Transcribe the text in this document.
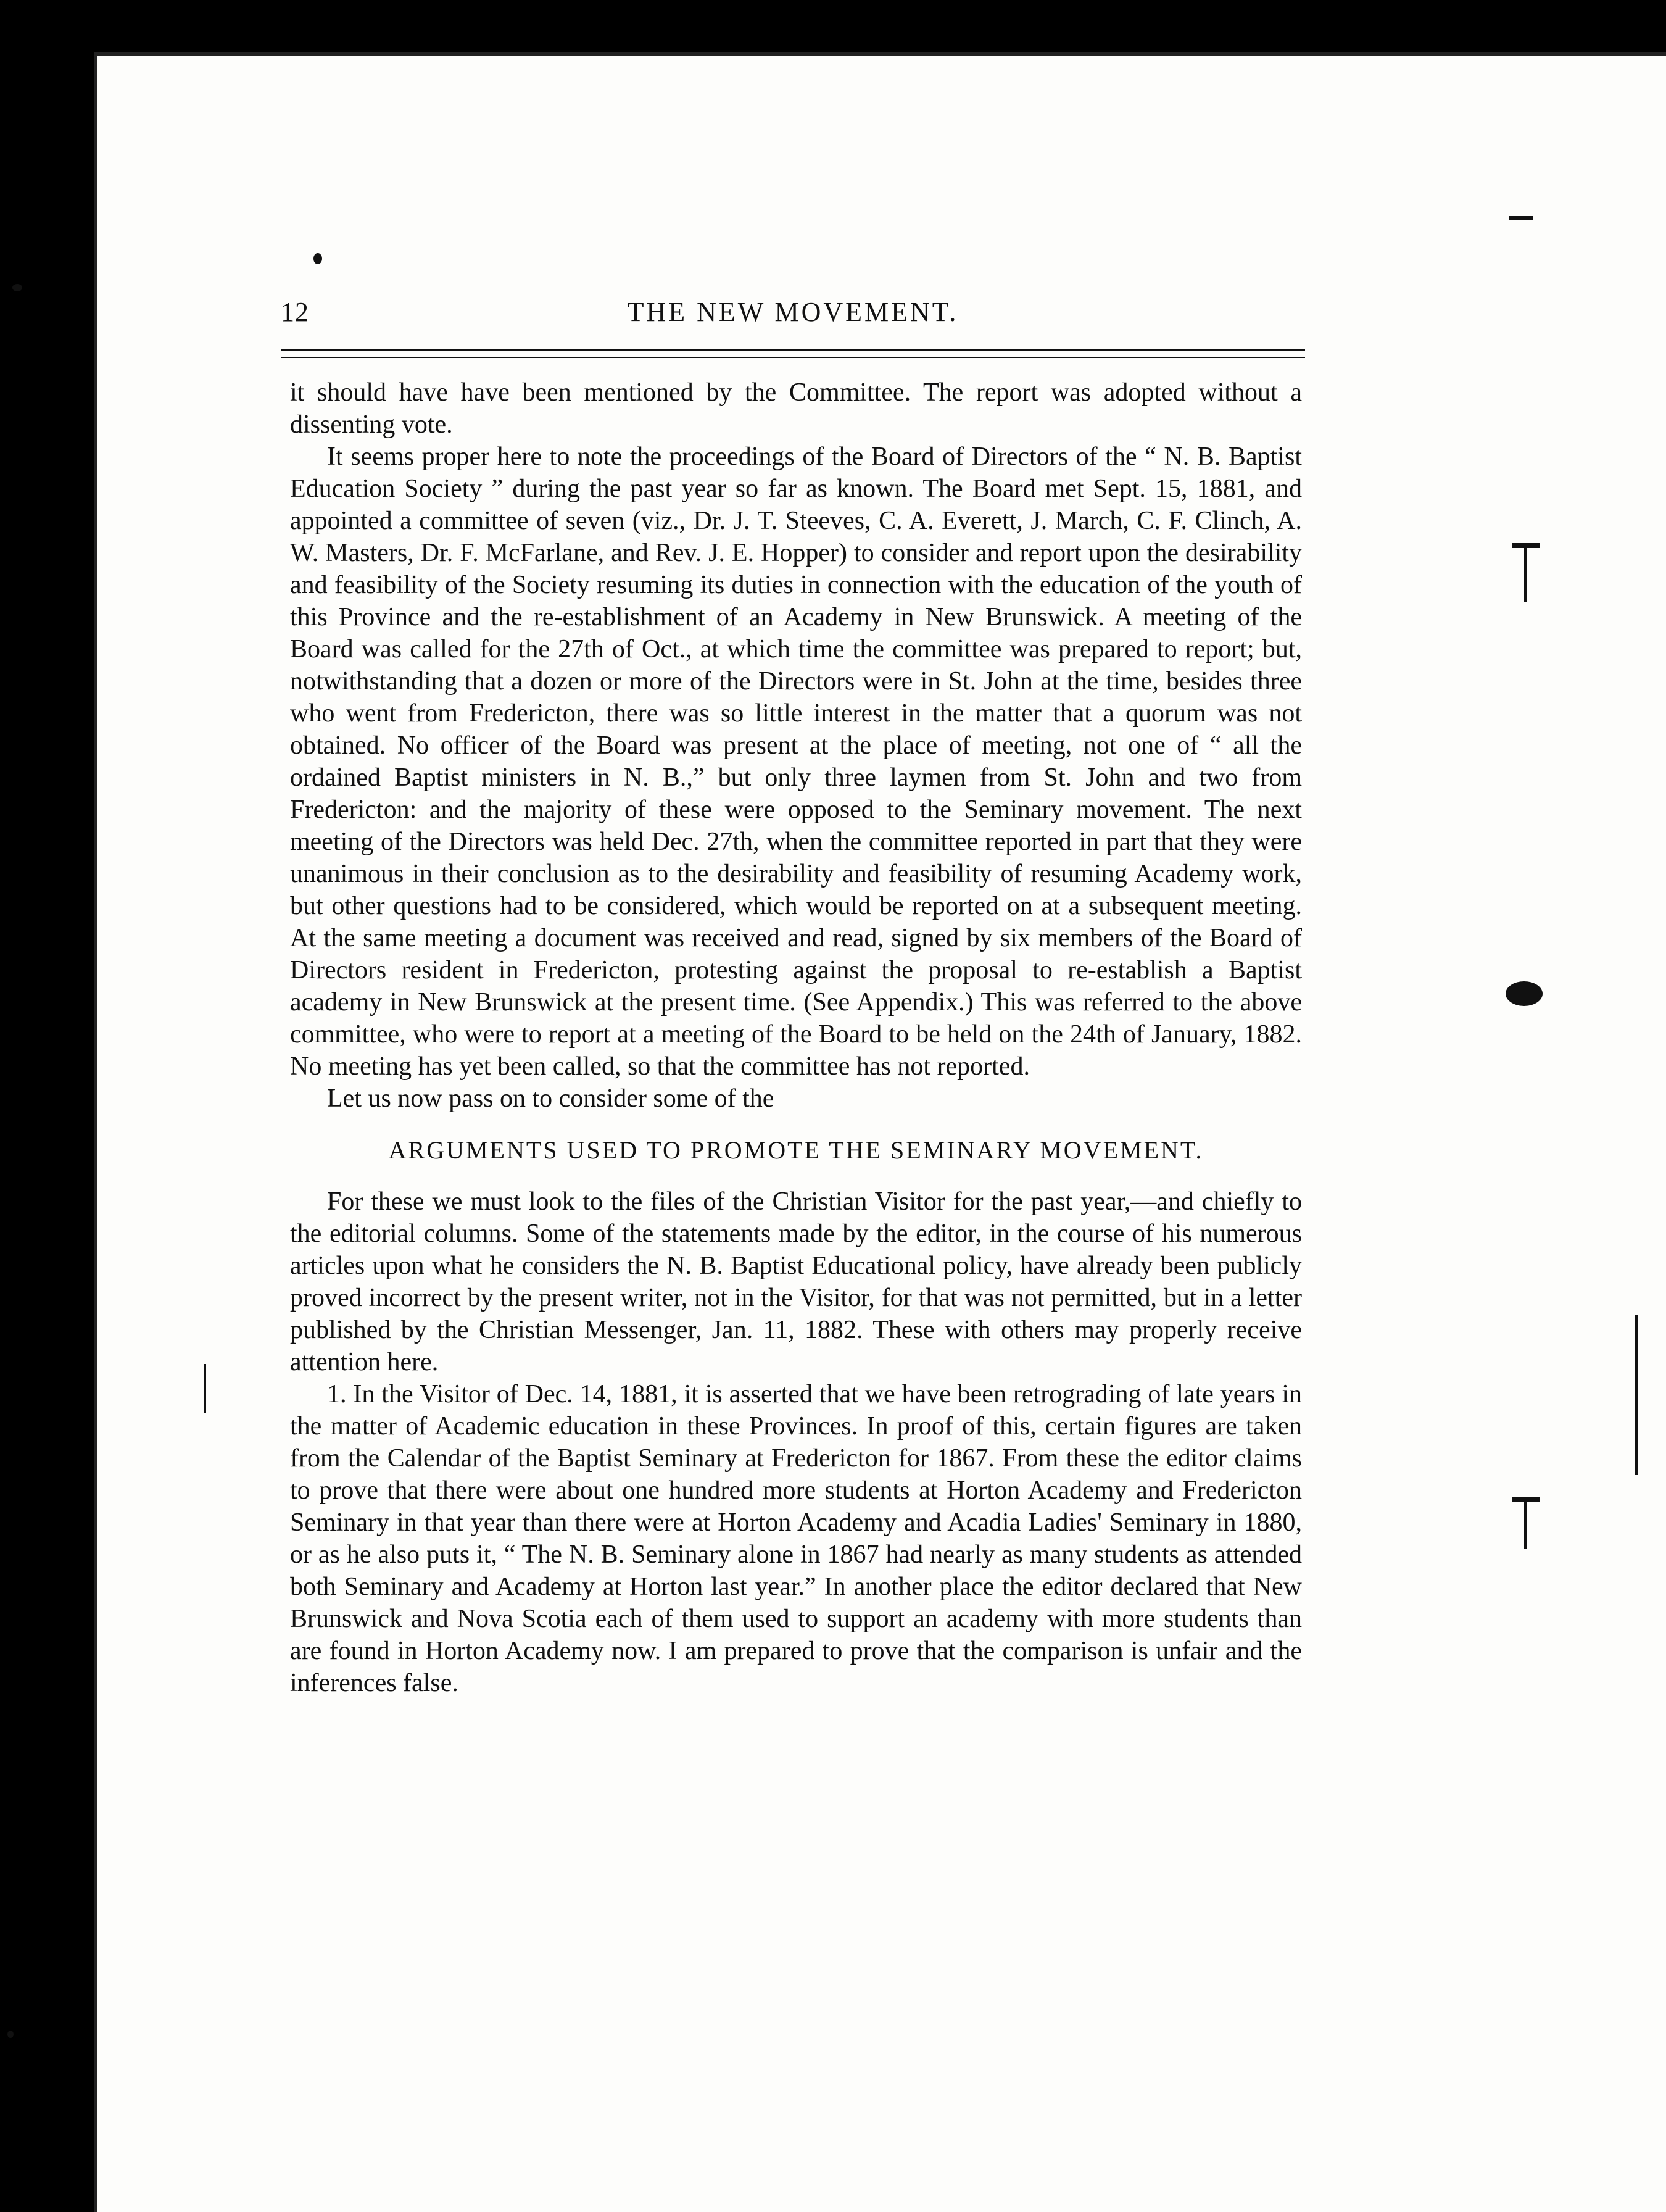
12	THE NEW MOVEMENT.

it should have have been mentioned by the Committee. The report was adopted without a dissenting vote.

It seems proper here to note the proceedings of the Board of Directors of the “ N. B. Baptist Education Society ” during the past year so far as known. The Board met Sept. 15, 1881, and appointed a committee of seven (viz., Dr. J. T. Steeves, C. A. Everett, J. March, C. F. Clinch, A. W. Masters, Dr. F. McFarlane, and Rev. J. E. Hopper) to consider and report upon the desirability and feasibility of the Society resuming its duties in connection with the education of the youth of this Province and the re-establishment of an Academy in New Brunswick. A meeting of the Board was called for the 27th of Oct., at which time the committee was prepared to report; but, notwithstanding that a dozen or more of the Directors were in St. John at the time, besides three who went from Fredericton, there was so little interest in the matter that a quorum was not obtained. No officer of the Board was present at the place of meeting, not one of “ all the ordained Baptist ministers in N. B.,” but only three laymen from St. John and two from Fredericton: and the majority of these were opposed to the Seminary movement. The next meeting of the Directors was held Dec. 27th, when the committee reported in part that they were unanimous in their conclusion as to the desirability and feasibility of resuming Academy work, but other questions had to be considered, which would be reported on at a subsequent meeting. At the same meeting a document was received and read, signed by six members of the Board of Directors resident in Fredericton, protesting against the proposal to re-establish a Baptist academy in New Brunswick at the present time. (See Appendix.) This was referred to the above committee, who were to report at a meeting of the Board to be held on the 24th of January, 1882. No meeting has yet been called, so that the committee has not reported.

Let us now pass on to consider some of the

ARGUMENTS USED TO PROMOTE THE SEMINARY MOVEMENT.

For these we must look to the files of the Christian Visitor for the past year,—and chiefly to the editorial columns. Some of the statements made by the editor, in the course of his numerous articles upon what he considers the N. B. Baptist Educational policy, have already been publicly proved incorrect by the present writer, not in the Visitor, for that was not permitted, but in a letter published by the Christian Messenger, Jan. 11, 1882. These with others may properly receive attention here.

1. In the Visitor of Dec. 14, 1881, it is asserted that we have been retrograding of late years in the matter of Academic education in these Provinces. In proof of this, certain figures are taken from the Calendar of the Baptist Seminary at Fredericton for 1867. From these the editor claims to prove that there were about one hundred more students at Horton Academy and Fredericton Seminary in that year than there were at Horton Academy and Acadia Ladies' Seminary in 1880, or as he also puts it, “ The N. B. Seminary alone in 1867 had nearly as many students as attended both Seminary and Academy at Horton last year.” In another place the editor declared that New Brunswick and Nova Scotia each of them used to support an academy with more students than are found in Horton Academy now. I am prepared to prove that the comparison is unfair and the inferences false.
